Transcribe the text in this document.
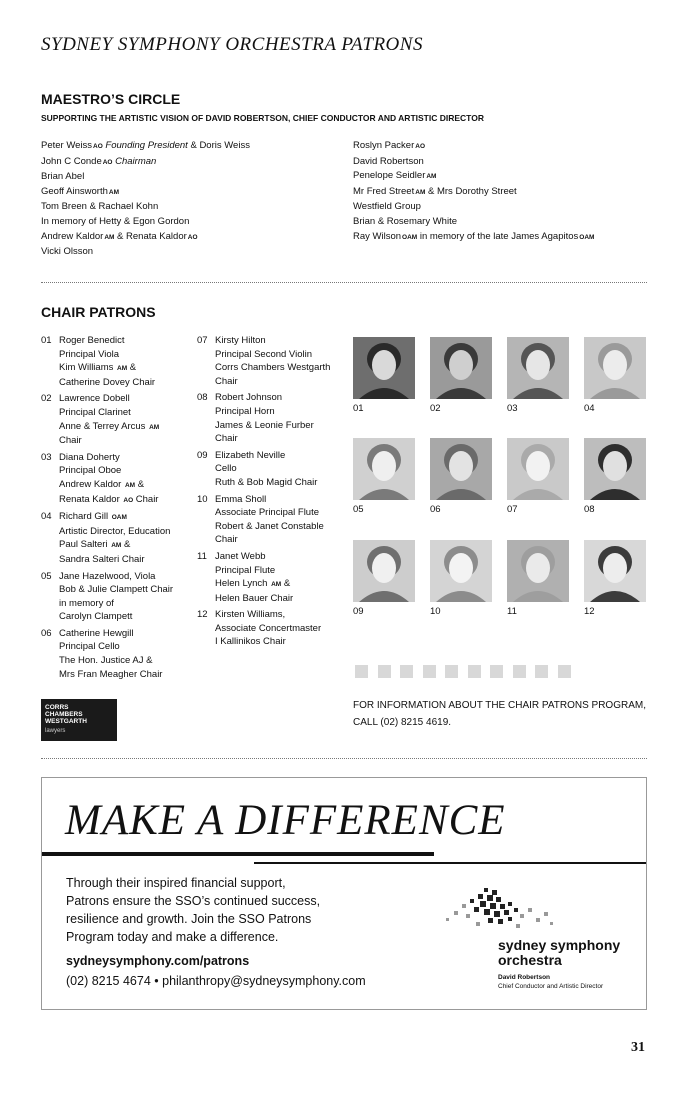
SYDNEY SYMPHONY ORCHESTRA PATRONS
MAESTRO’S CIRCLE
SUPPORTING THE ARTISTIC VISION OF DAVID ROBERTSON, CHIEF CONDUCTOR AND ARTISTIC DIRECTOR
Peter WeissAO Founding President & Doris Weiss
John C CondeAO Chairman
Brian Abel
Geoff AinsworthAM
Tom Breen & Rachael Kohn
In memory of Hetty & Egon Gordon
Andrew KaldorAM & Renata KaldorAO
Vicki Olsson
Roslyn PackerAO
David Robertson
Penelope SeidlerAM
Mr Fred StreetAM & Mrs Dorothy Street
Westfield Group
Brian & Rosemary White
Ray WilsonOAM in memory of the late James AgapitosOAM
CHAIR PATRONS
01 Roger Benedict
Principal Viola
Kim Williams AM &
Catherine Dovey Chair
02 Lawrence Dobell
Principal Clarinet
Anne & Terrey Arcus AM
Chair
03 Diana Doherty
Principal Oboe
Andrew Kaldor AM &
Renata Kaldor AO Chair
04 Richard Gill OAM
Artistic Director, Education
Paul Salteri AM &
Sandra Salteri Chair
05 Jane Hazelwood, Viola
Bob & Julie Clampett Chair
in memory of
Carolyn Clampett
06 Catherine Hewgill
Principal Cello
The Hon. Justice AJ &
Mrs Fran Meagher Chair
07 Kirsty Hilton
Principal Second Violin
Corrs Chambers Westgarth
Chair
08 Robert Johnson
Principal Horn
James & Leonie Furber
Chair
09 Elizabeth Neville
Cello
Ruth & Bob Magid Chair
10 Emma Sholl
Associate Principal Flute
Robert & Janet Constable
Chair
11 Janet Webb
Principal Flute
Helen Lynch AM &
Helen Bauer Chair
12 Kirsten Williams,
Associate Concertmaster
I Kallinikos Chair
01	02	03	04
05	06	07	08
09	10	11	12
FOR INFORMATION ABOUT THE CHAIR PATRONS PROGRAM, CALL (02) 8215 4619.
CORRS
CHAMBERS
WESTGARTH
lawyers
MAKE A DIFFERENCE
Through their inspired financial support,
Patrons ensure the SSO’s continued success,
resilience and growth. Join the SSO Patrons
Program today and make a difference.
sydneysymphony.com/patrons
(02) 8215 4674 • philanthropy@sydneysymphony.com
sydney symphony
orchestra
David Robertson
Chief Conductor and Artistic Director
31
